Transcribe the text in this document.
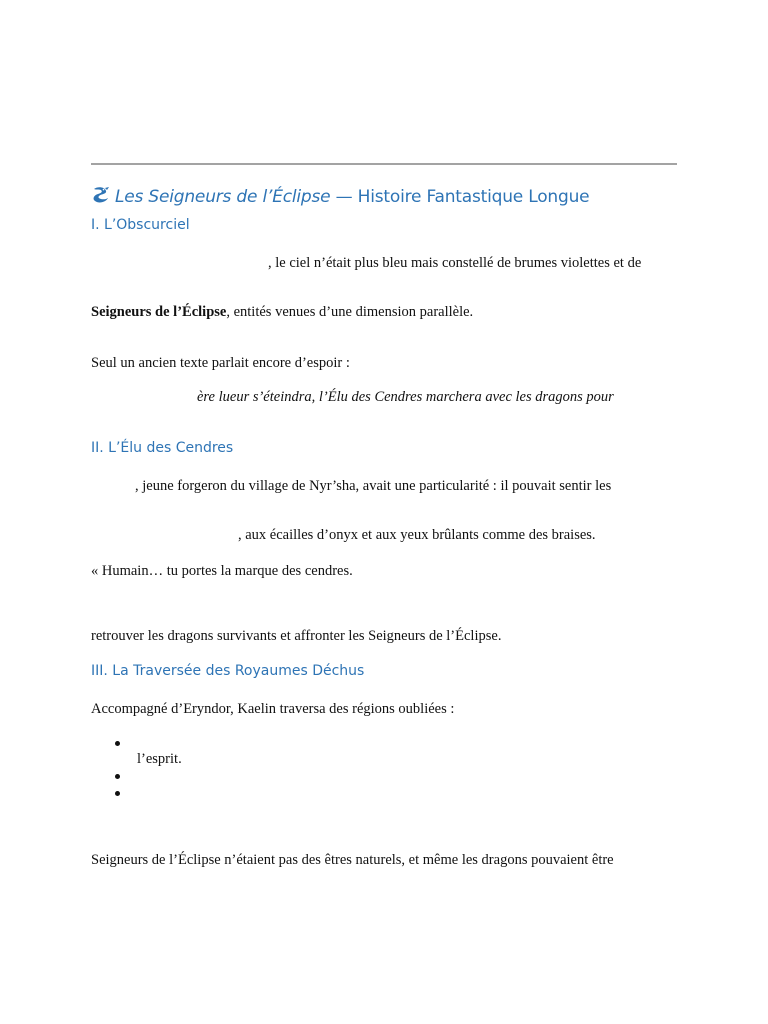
Les Seigneurs de l’Éclipse — Histoire Fantastique Longue
I. L’Obscurciel

, le ciel n’était plus bleu mais constellé de brumes violettes et de

Seigneurs de l’Éclipse, entités venues d’une dimension parallèle.

Seul un ancien texte parlait encore d’espoir :

ère lueur s’éteindra, l’Élu des Cendres marchera avec les dragons pour

II. L’Élu des Cendres

, jeune forgeron du village de Nyr’sha, avait une particularité : il pouvait sentir les

, aux écailles d’onyx et aux yeux brûlants comme des braises.

« Humain… tu portes la marque des cendres.

retrouver les dragons survivants et affronter les Seigneurs de l’Éclipse.

III. La Traversée des Royaumes Déchus

Accompagné d’Eryndor, Kaelin traversa des régions oubliées :

l’esprit.

Seigneurs de l’Éclipse n’étaient pas des êtres naturels, et même les dragons pouvaient être
